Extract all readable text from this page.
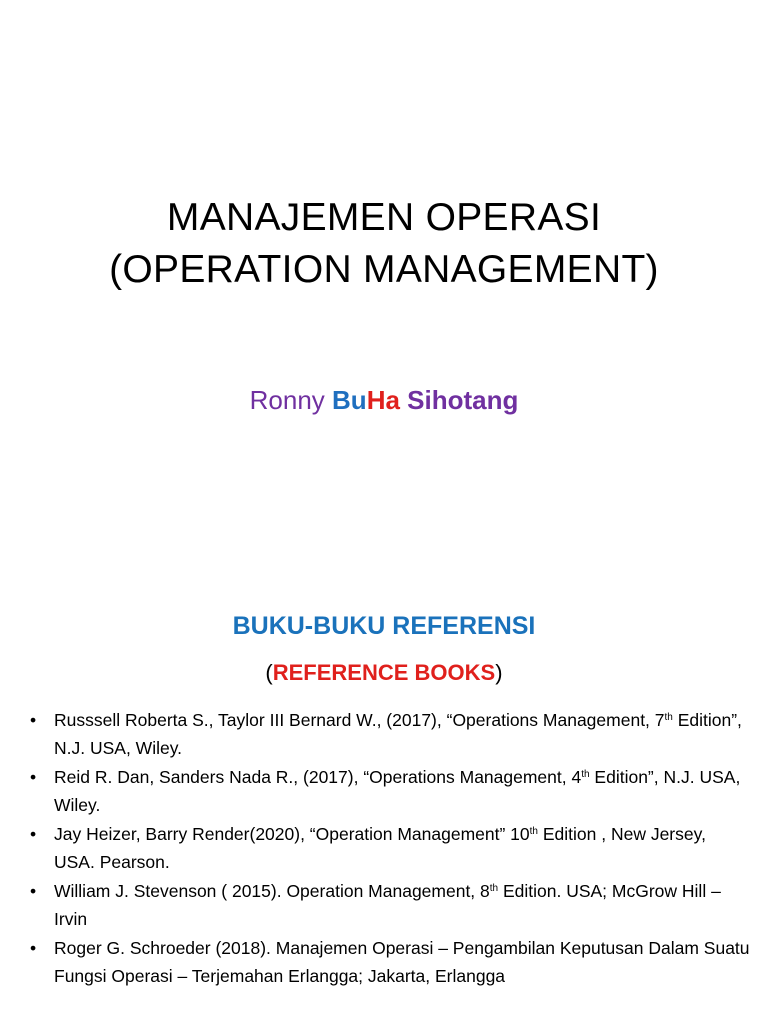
MANAJEMEN OPERASI
(OPERATION MANAGEMENT)
Ronny BuHa Sihotang
BUKU-BUKU REFERENSI
(REFERENCE BOOKS)
• Russsell Roberta S., Taylor III Bernard W., (2017), “Operations Management, 7th Edition”, N.J. USA, Wiley.
• Reid R. Dan, Sanders Nada R., (2017), “Operations Management, 4th Edition”, N.J. USA, Wiley.
• Jay Heizer, Barry Render(2020), “Operation Management” 10th Edition , New Jersey, USA. Pearson.
• William J. Stevenson ( 2015). Operation Management, 8th Edition. USA; McGrow Hill – Irvin
• Roger G. Schroeder (2018). Manajemen Operasi – Pengambilan Keputusan Dalam Suatu Fungsi Operasi – Terjemahan Erlangga; Jakarta, Erlangga
